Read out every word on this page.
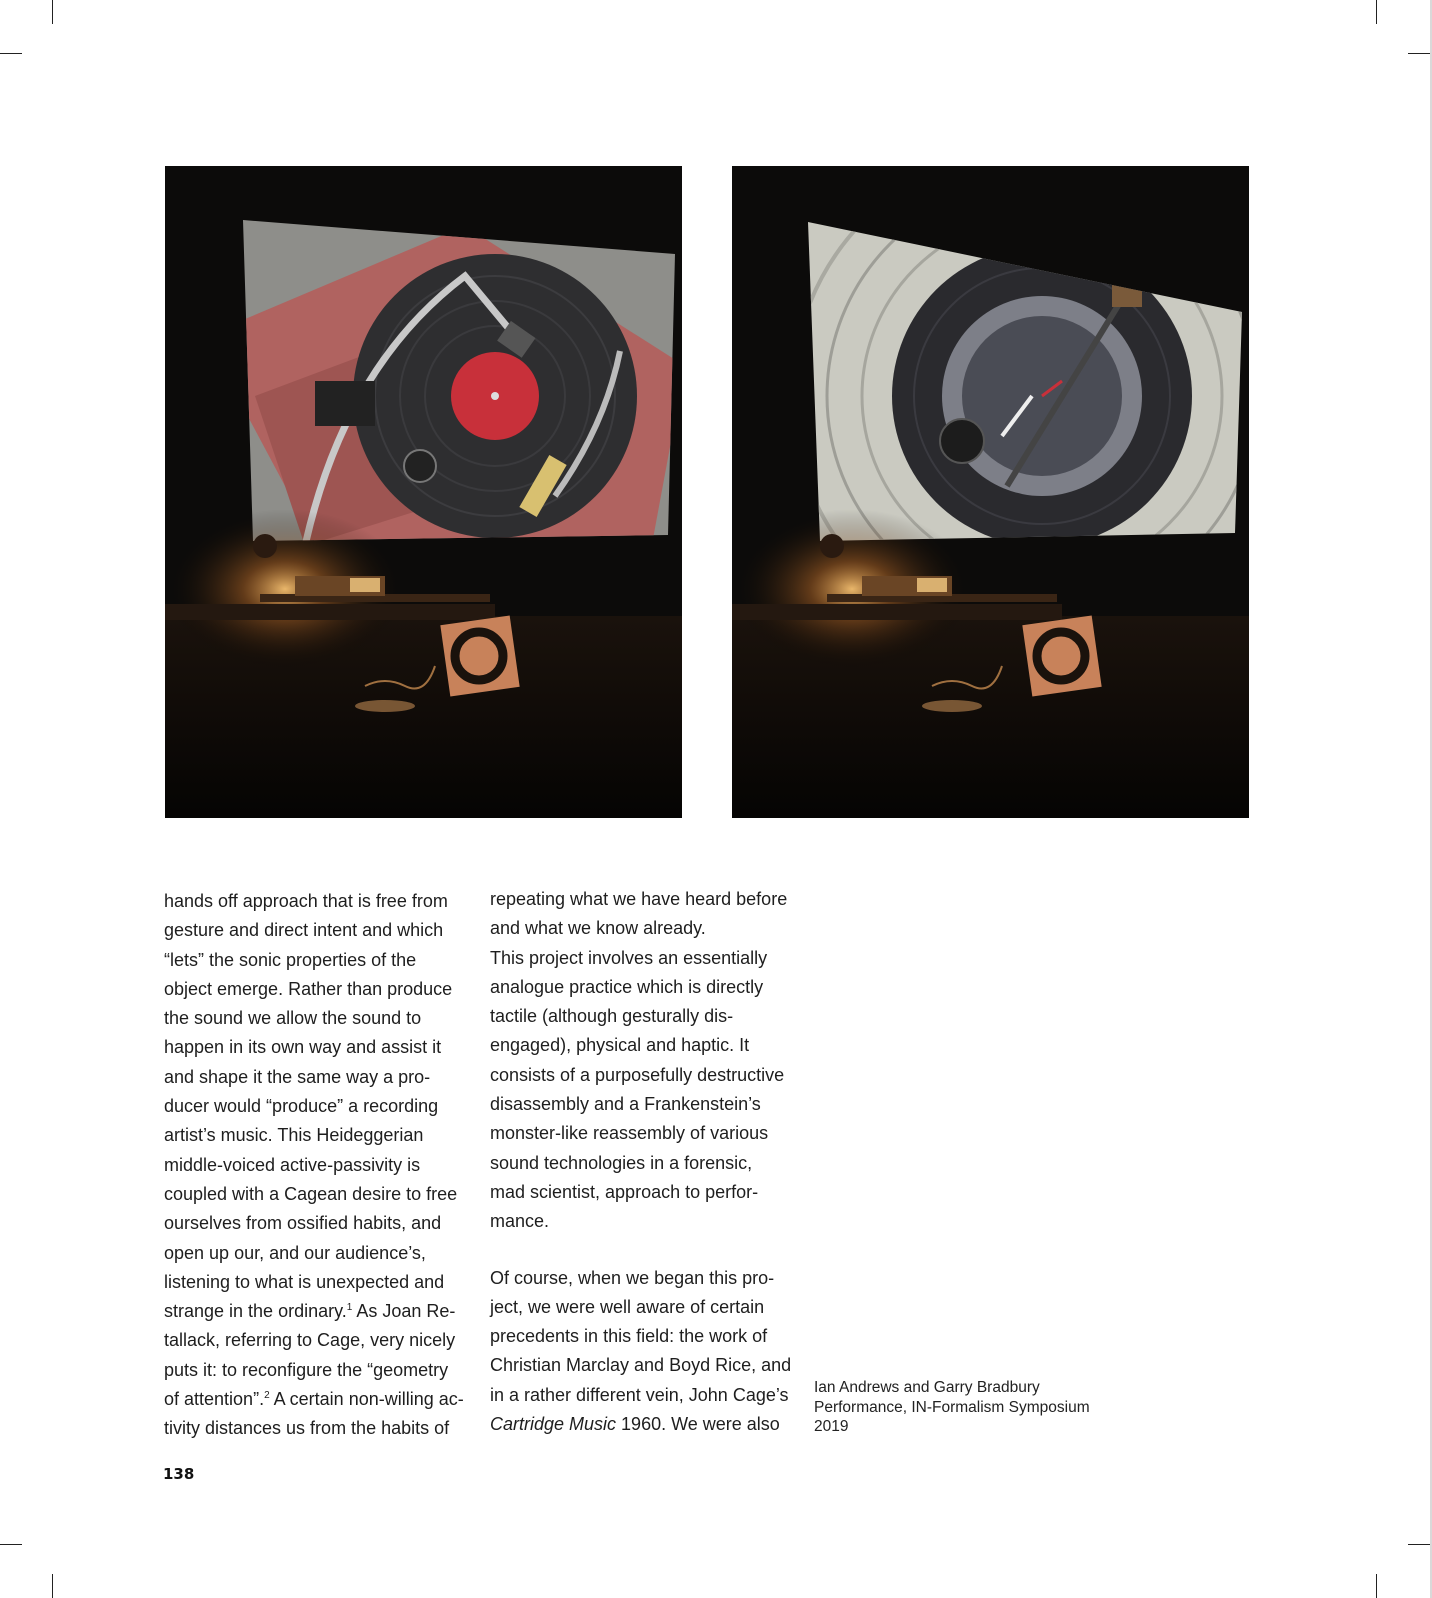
hands off approach that is free from

gesture and direct intent and which

“lets” the sonic properties of the

object emerge. Rather than produce

the sound we allow the sound to

happen in its own way and assist it

and shape it the same way a pro-

ducer would “produce” a recording

artist’s music. This Heideggerian

middle-voiced active-passivity is

coupled with a Cagean desire to free

ourselves from ossified habits, and

open up our, and our audience’s,

listening to what is unexpected and

strange in the ordinary.$^1$ As Joan Re-

tallack, referring to Cage, very nicely

puts it: to reconfigure the “geometry

of attention”.$^2$ A certain non-willing ac-

tivity distances us from the habits of

repeating what we have heard before

and what we know already.

This project involves an essentially

analogue practice which is directly

tactile (although gesturally dis-

engaged), physical and haptic. It

consists of a purposefully destructive

disassembly and a Frankenstein’s

monster-like reassembly of various

sound technologies in a forensic,

mad scientist, approach to perfor-

mance.

Of course, when we began this pro-

ject, we were well aware of certain

precedents in this field: the work of

Christian Marclay and Boyd Rice, and

in a rather different vein, John Cage’s

Cartridge Music 1960. We were also

Ian Andrews and Garry Bradbury
Performance, IN-Formalism Symposium
2019
138
